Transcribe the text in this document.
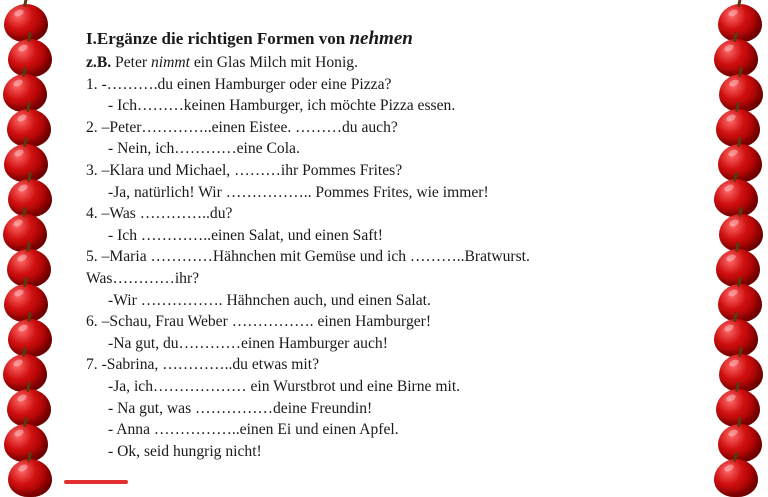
I.Ergänze die richtigen Formen von nehmen
z.B. Peter nimmt ein Glas Milch mit Honig.
1. -……….du einen Hamburger oder eine Pizza?
- Ich………keinen Hamburger, ich möchte Pizza essen.
2. –Peter…………..einen Eistee. ………du auch?
- Nein, ich…………eine Cola.
3. –Klara und Michael, ………ihr Pommes Frites?
-Ja, natürlich! Wir …………….. Pommes Frites, wie immer!
4. –Was …………..du?
- Ich …………..einen Salat, und einen Saft!
5. –Maria …………Hähnchen mit Gemüse und ich ………..Bratwurst.
Was…………ihr?
-Wir ……………. Hähnchen auch, und einen Salat.
6. –Schau, Frau Weber ……………. einen Hamburger!
-Na gut, du…………einen Hamburger auch!
7. -Sabrina, …………..du etwas mit?
-Ja, ich……………… ein Wurstbrot und eine Birne mit.
- Na gut, was ……………deine Freundin!
- Anna ……………..einen Ei und einen Apfel.
- Ok, seid hungrig nicht!
